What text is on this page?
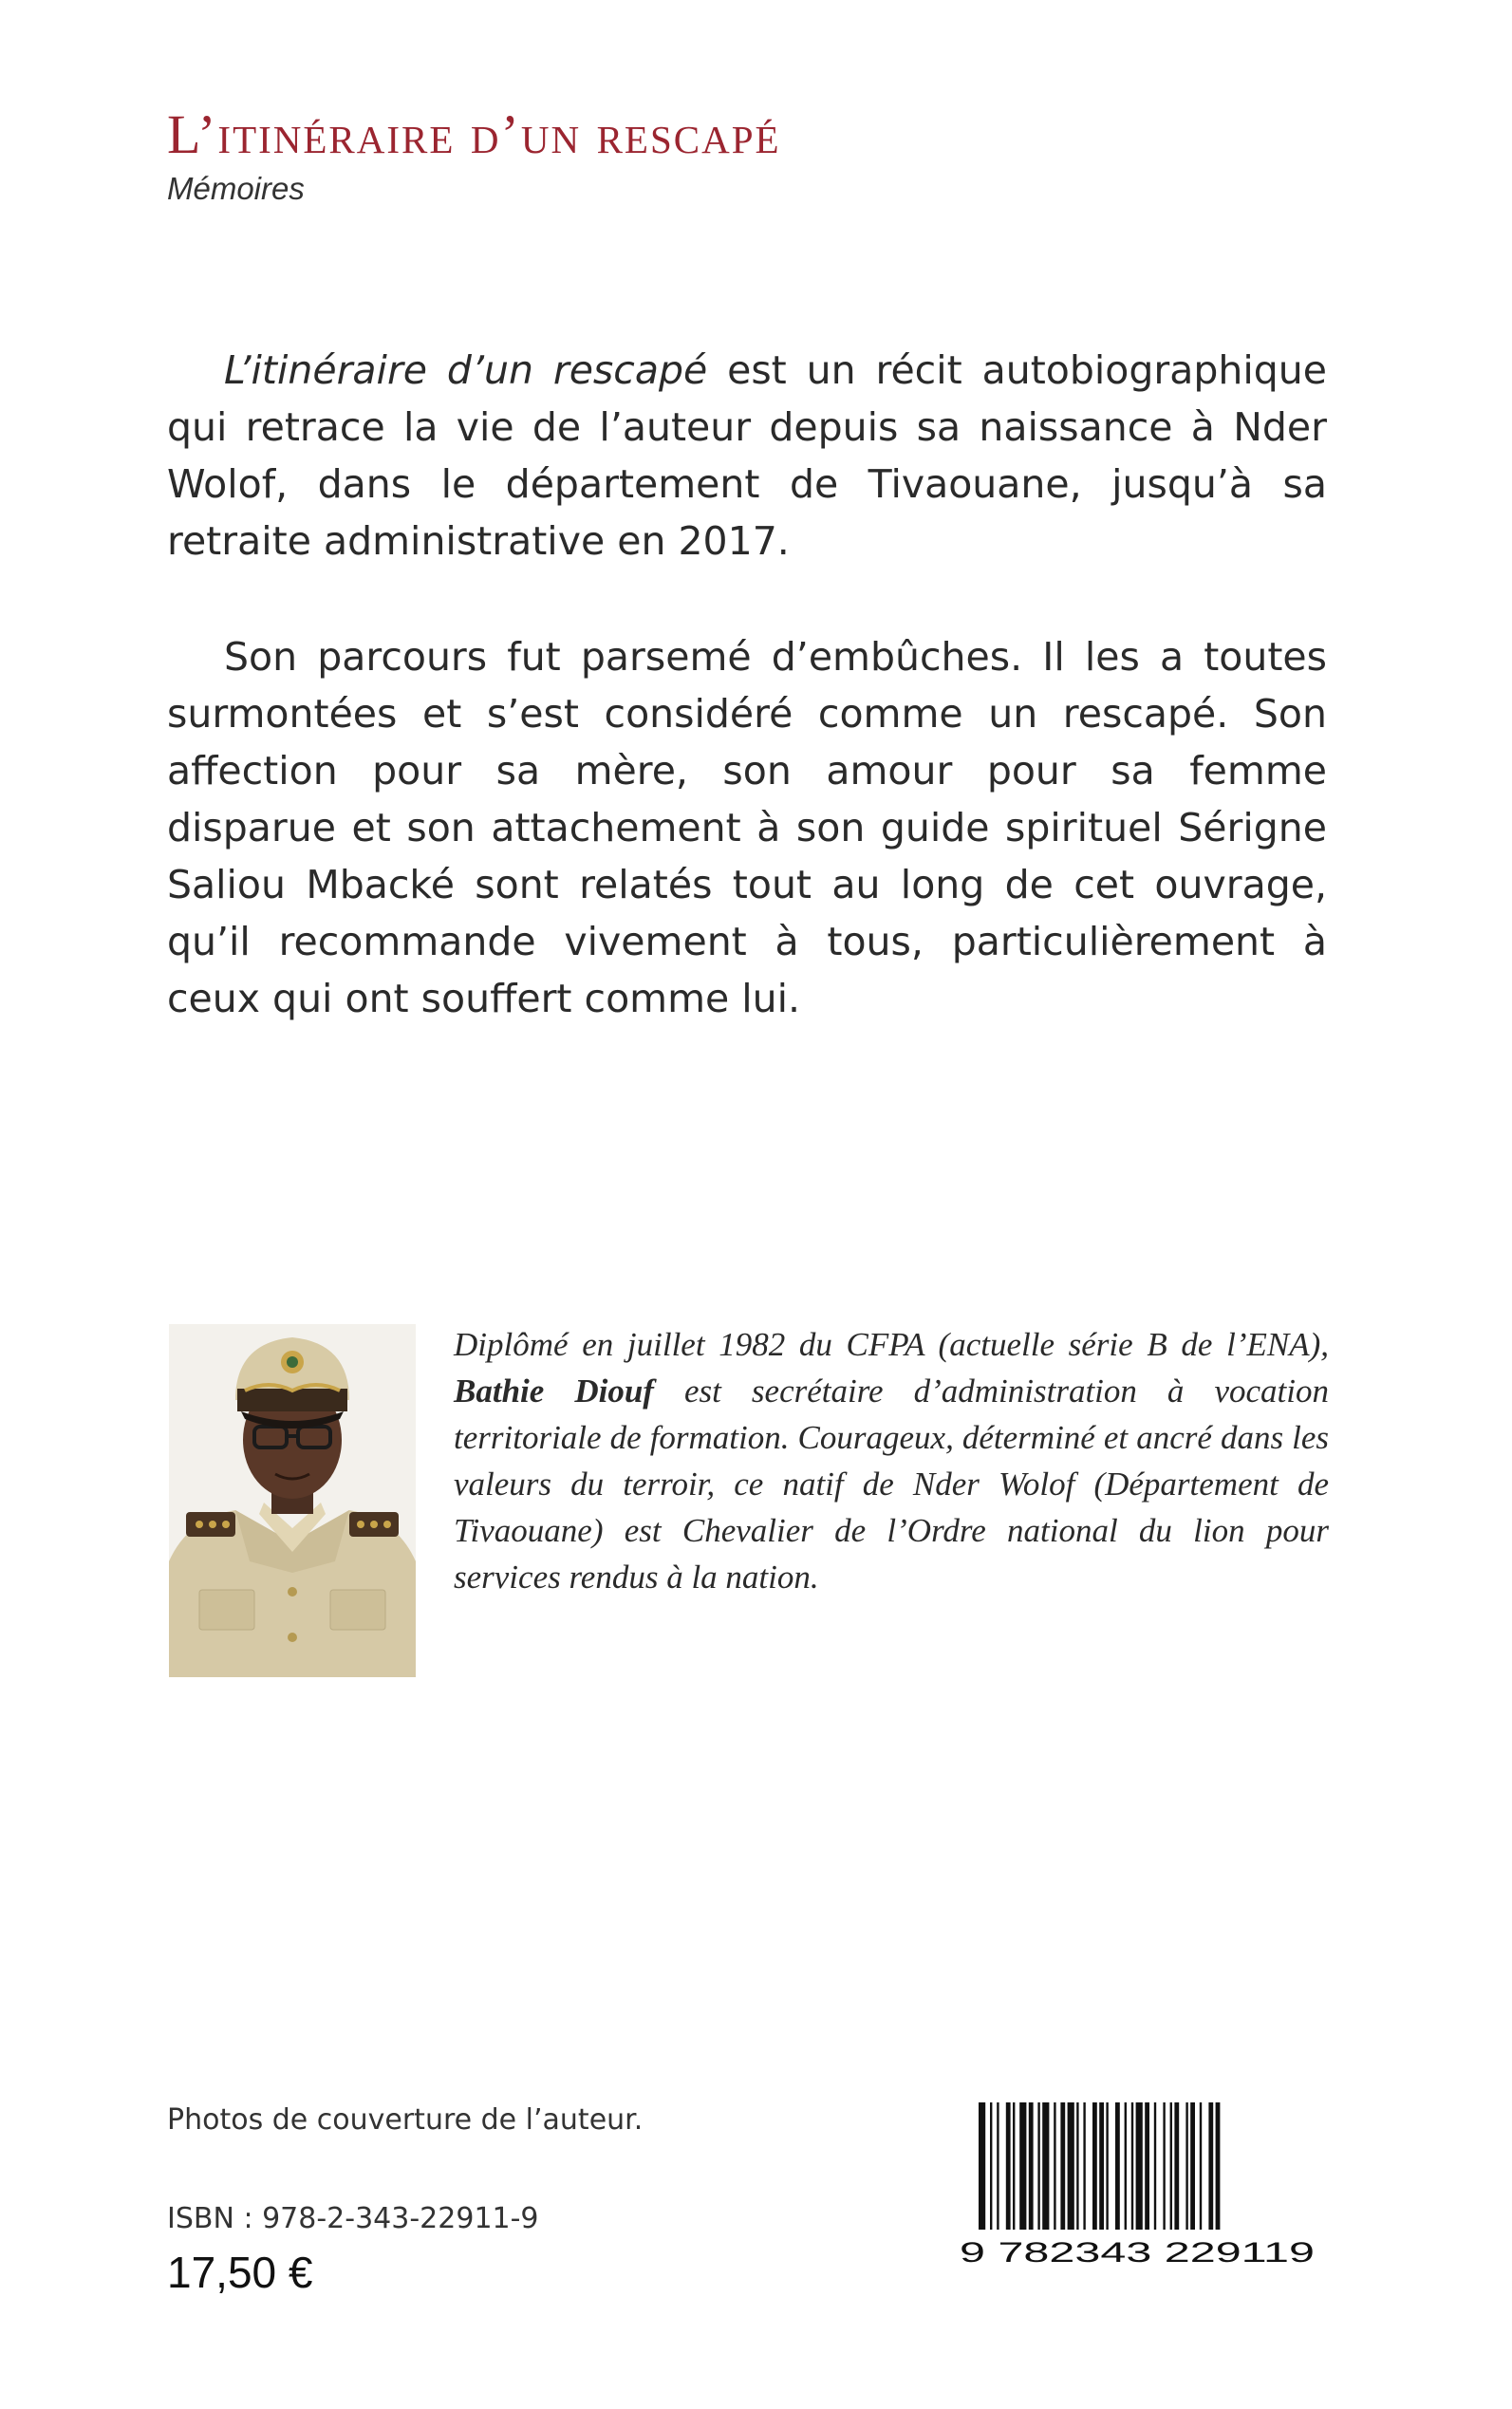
L’itinéraire d’un rescapé
Mémoires

L’itinéraire d’un rescapé est un récit autobiographique qui retrace la vie de l’auteur depuis sa naissance à Nder Wolof, dans le département de Tivaouane, jusqu’à sa retraite administrative en 2017.

Son parcours fut parsemé d’embûches. Il les a toutes surmontées et s’est considéré comme un rescapé. Son affection pour sa mère, son amour pour sa femme disparue et son attachement à son guide spirituel Sérigne Saliou Mbacké sont relatés tout au long de cet ouvrage, qu’il recommande vivement à tous, particulièrement à ceux qui ont souffert comme lui.

Diplômé en juillet 1982 du CFPA (actuelle série B de l’ENA), Bathie Diouf est secrétaire d’administration à vocation territoriale de formation. Courageux, déterminé et ancré dans les valeurs du terroir, ce natif de Nder Wolof (Département de Tivaouane) est Chevalier de l’Ordre national du lion pour services rendus à la nation.

Photos de couverture de l’auteur.
ISBN : 978-2-343-22911-9
17,50 €	9 782343 229119
